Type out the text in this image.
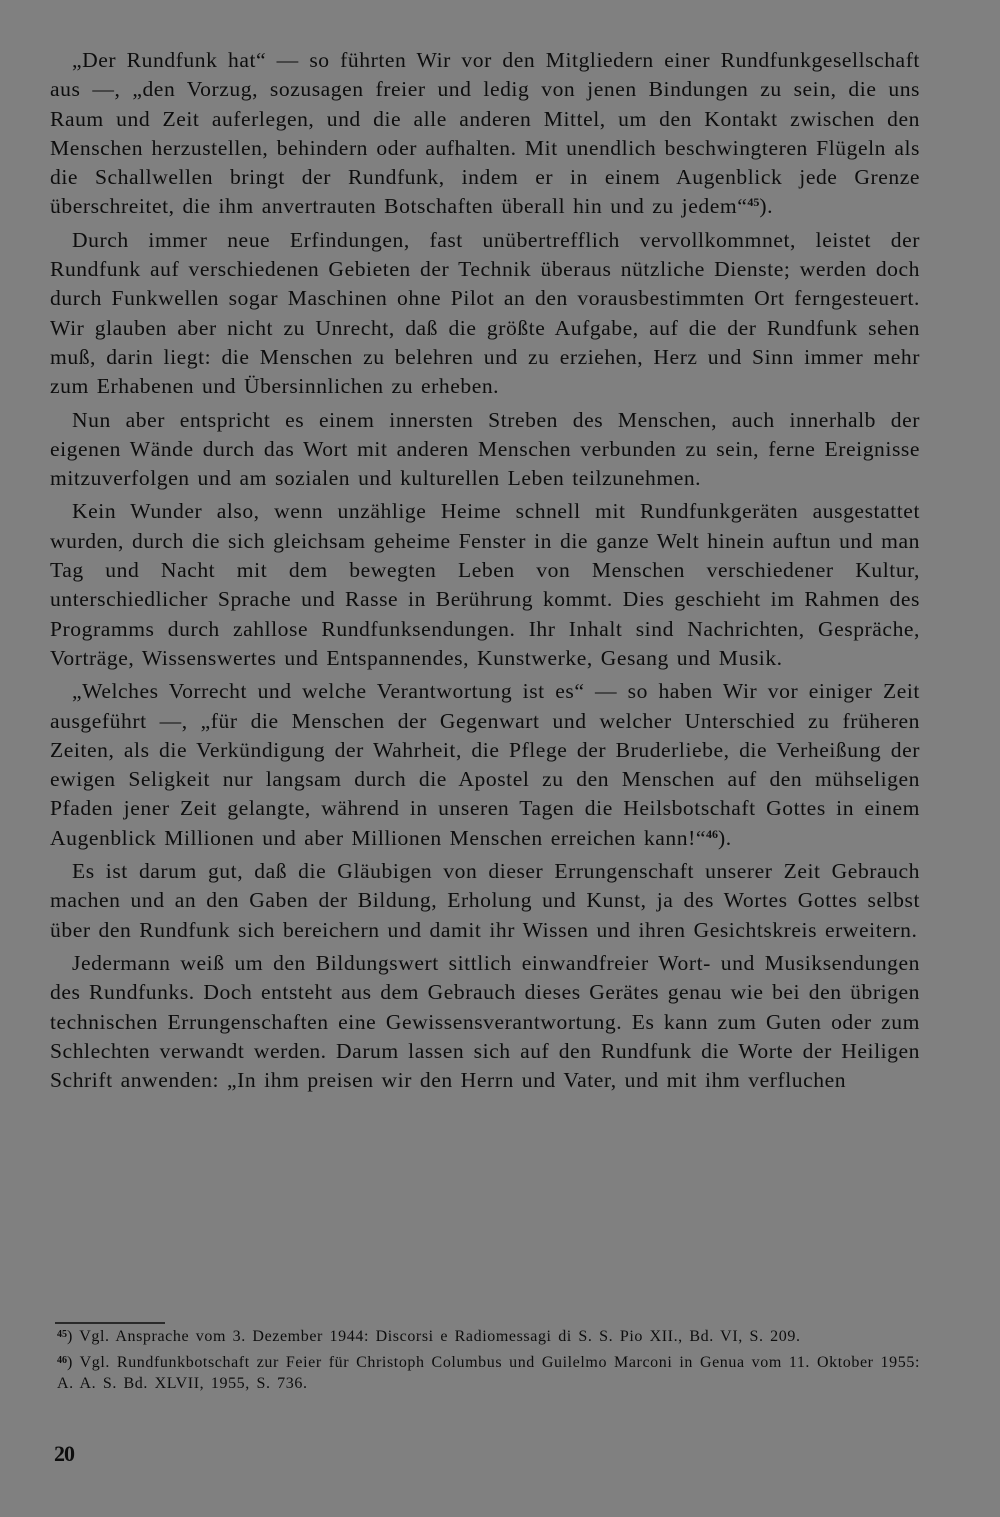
„Der Rundfunk hat“ — so führten Wir vor den Mitgliedern einer Rundfunkgesellschaft aus —, „den Vorzug, sozusagen freier und ledig von jenen Bindungen zu sein, die uns Raum und Zeit auferlegen, und die alle anderen Mittel, um den Kontakt zwischen den Menschen herzustellen, behindern oder aufhalten. Mit unendlich beschwingteren Flügeln als die Schallwellen bringt der Rundfunk, indem er in einem Augenblick jede Grenze überschreitet, die ihm anvertrauten Botschaften überall hin und zu jedem“$^{45}$).

Durch immer neue Erfindungen, fast unübertrefflich vervollkommnet, leistet der Rundfunk auf verschiedenen Gebieten der Technik überaus nützliche Dienste; werden doch durch Funkwellen sogar Maschinen ohne Pilot an den vorausbestimmten Ort ferngesteuert. Wir glauben aber nicht zu Unrecht, daß die größte Aufgabe, auf die der Rundfunk sehen muß, darin liegt: die Menschen zu belehren und zu erziehen, Herz und Sinn immer mehr zum Erhabenen und Übersinnlichen zu erheben.

Nun aber entspricht es einem innersten Streben des Menschen, auch innerhalb der eigenen Wände durch das Wort mit anderen Menschen verbunden zu sein, ferne Ereignisse mitzuverfolgen und am sozialen und kulturellen Leben teilzunehmen.

Kein Wunder also, wenn unzählige Heime schnell mit Rundfunkgeräten ausgestattet wurden, durch die sich gleichsam geheime Fenster in die ganze Welt hinein auftun und man Tag und Nacht mit dem bewegten Leben von Menschen verschiedener Kultur, unterschiedlicher Sprache und Rasse in Berührung kommt. Dies geschieht im Rahmen des Programms durch zahllose Rundfunksendungen. Ihr Inhalt sind Nachrichten, Gespräche, Vorträge, Wissenswertes und Entspannendes, Kunstwerke, Gesang und Musik.

„Welches Vorrecht und welche Verantwortung ist es“ — so haben Wir vor einiger Zeit ausgeführt —, „für die Menschen der Gegenwart und welcher Unterschied zu früheren Zeiten, als die Verkündigung der Wahrheit, die Pflege der Bruderliebe, die Verheißung der ewigen Seligkeit nur langsam durch die Apostel zu den Menschen auf den mühseligen Pfaden jener Zeit gelangte, während in unseren Tagen die Heilsbotschaft Gottes in einem Augenblick Millionen und aber Millionen Menschen erreichen kann!“$^{46}$).

Es ist darum gut, daß die Gläubigen von dieser Errungenschaft unserer Zeit Gebrauch machen und an den Gaben der Bildung, Erholung und Kunst, ja des Wortes Gottes selbst über den Rundfunk sich bereichern und damit ihr Wissen und ihren Gesichtskreis erweitern.

Jedermann weiß um den Bildungswert sittlich einwandfreier Wort- und Musiksendungen des Rundfunks. Doch entsteht aus dem Gebrauch dieses Gerätes genau wie bei den übrigen technischen Errungenschaften eine Gewissensverantwortung. Es kann zum Guten oder zum Schlechten verwandt werden. Darum lassen sich auf den Rundfunk die Worte der Heiligen Schrift anwenden: „In ihm preisen wir den Herrn und Vater, und mit ihm verfluchen

$^{45}$) Vgl. Ansprache vom 3. Dezember 1944: Discorsi e Radiomessagi di S. S. Pio XII., Bd. VI, S. 209.

$^{46}$) Vgl. Rundfunkbotschaft zur Feier für Christoph Columbus und Guilelmo Marconi in Genua vom 11. Oktober 1955: A. A. S. Bd. XLVII, 1955, S. 736.

20
